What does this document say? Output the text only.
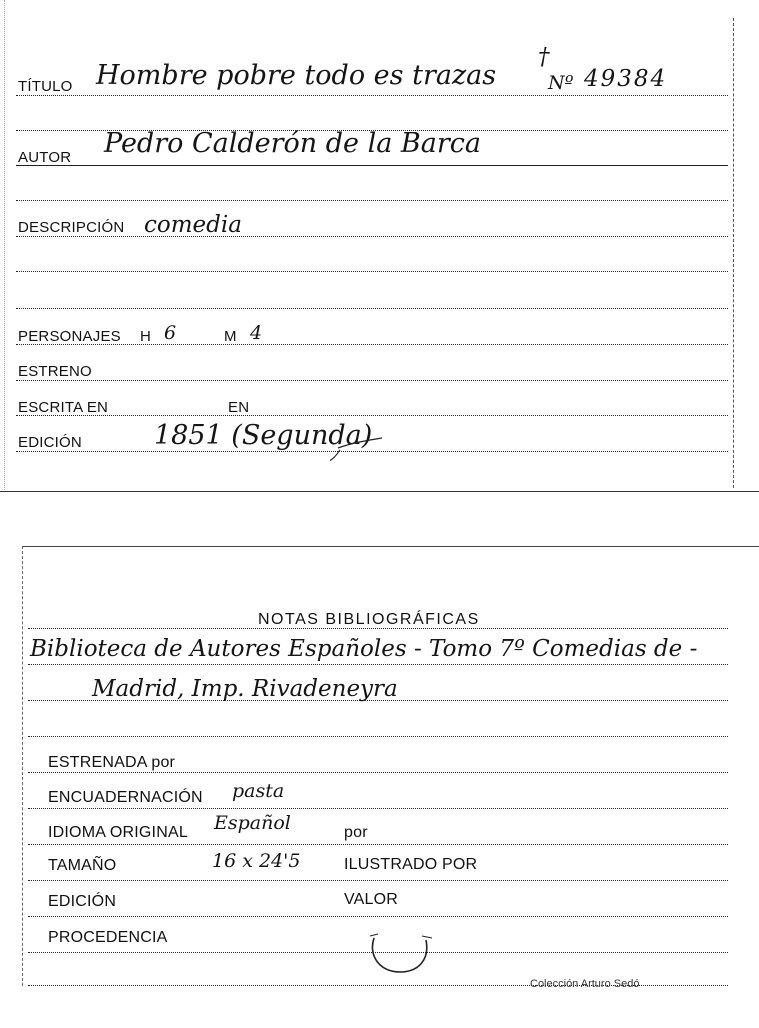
TÍTULO Hombre pobre todo es trazas
†
Nº 49384
AUTOR Pedro Calderón de la Barca
DESCRIPCIÓN comedia
PERSONAJES H 6	M 4
ESTRENO
ESCRITA EN	EN
EDICIÓN	1851 (Segunda)
NOTAS BIBLIOGRÁFICAS
Biblioteca de Autores Españoles - Tomo 7º Comedias de -
Madrid, Imp. Rivadeneyra
ESTRENADA por
ENCUADERNACIÓN pasta
IDIOMA ORIGINAL Español	por
TAMAÑO	16 x 24'5	ILUSTRADO POR
EDICIÓN	VALOR
PROCEDENCIA
Colección Arturo Sedó
